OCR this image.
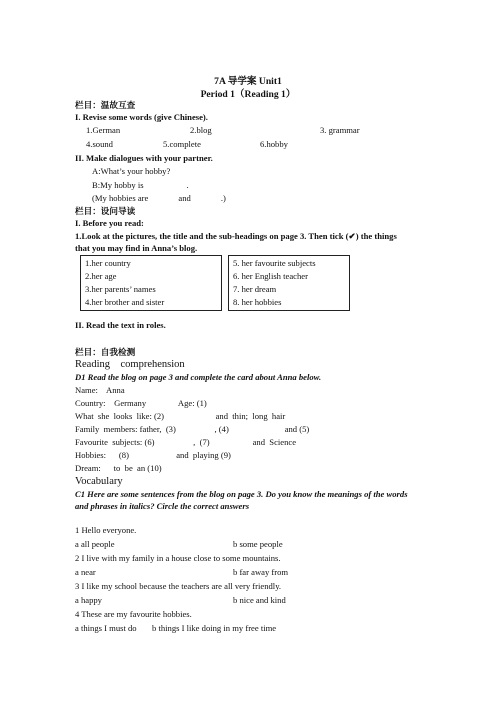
7A 导学案 Unit1
Period 1（Reading 1）
栏目：温故互查
I. Revise some words (give Chinese).
1.German	2.blog	3. grammar
4.sound	5.complete	6.hobby
II. Make dialogues with your partner.
A:What’s your hobby?
B:My hobby is                    .
(My hobbies are              and              .)
栏目：设问导读
I. Before you read:
1.Look at the pictures, the title and the sub-headings on page 3. Then tick (✔) the things
that you may find in Anna’s blog.
1.her country
2.her age
3.her parents’ names
4.her brother and sister
5. her favourite subjects
6. her English teacher
7. her dream
8. her hobbies
II. Read the text in roles.
栏目：自我检测
Reading    comprehension
D1 Read the blog on page 3 and complete the card about Anna below.
Name:    Anna
Country:    Germany               Age: (1)
What  she  looks  like: (2)                        and  thin;  long  hair
Family  members: father,  (3)                  , (4)                          and (5)
Favourite  subjects: (6)                  ,  (7)                    and  Science
Hobbies:      (8)                      and  playing (9)
Dream:      to  be  an (10)
Vocabulary
C1 Here are some sentences from the blog on page 3. Do you know the meanings of the words
and phrases in italics? Circle the correct answers
1 Hello everyone.
a all people	b some people
2 I live with my family in a house close to some mountains.
a near	b far away from
3 I like my school because the teachers are all very friendly.
a happy	b nice and kind
4 These are my favourite hobbies.
a things I must do b things I like doing in my free time
